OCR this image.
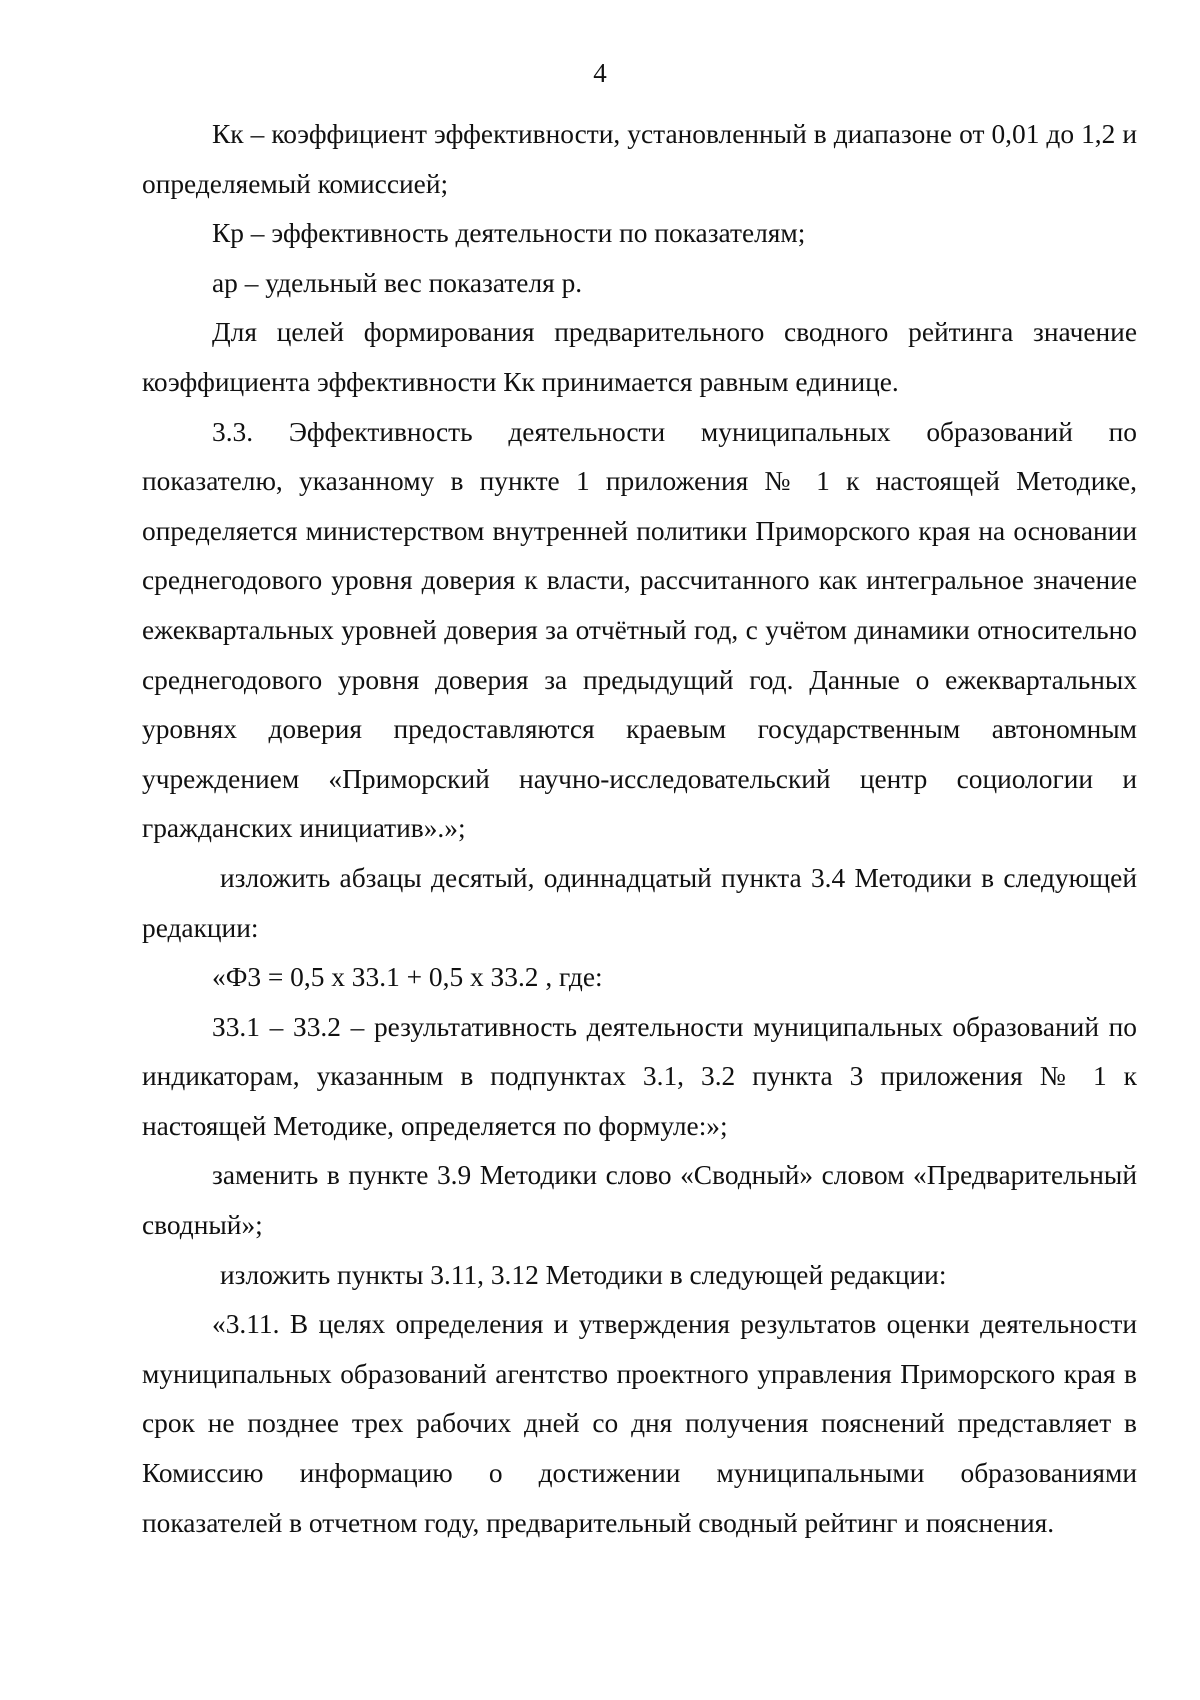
4

Кк – коэффициент эффективности, установленный в диапазоне от 0,01 до 1,2 и определяемый комиссией;

Кp – эффективность деятельности по показателям;

ap – удельный вес показателя p.

Для целей формирования предварительного сводного рейтинга значение коэффициента эффективности Кк принимается равным единице.

3.3. Эффективность деятельности муниципальных образований по показателю, указанному в пункте 1 приложения № 1 к настоящей Методике, определяется министерством внутренней политики Приморского края на основании среднегодового уровня доверия к власти, рассчитанного как интегральное значение ежеквартальных уровней доверия за отчётный год, с учётом динамики относительно среднегодового уровня доверия за предыдущий год. Данные о ежеквартальных уровнях доверия предоставляются краевым государственным автономным учреждением «Приморский научно-исследовательский центр социологии и гражданских инициатив».»;

изложить абзацы десятый, одиннадцатый пункта 3.4 Методики в следующей редакции:

«Ф3 = 0,5 х З3.1 + 0,5 х З3.2 , где:

З3.1 – З3.2 – результативность деятельности муниципальных образований по индикаторам, указанным в подпунктах 3.1, 3.2 пункта 3 приложения № 1 к настоящей Методике, определяется по формуле:»;

заменить в пункте 3.9 Методики слово «Сводный» словом «Предварительный сводный»;

изложить пункты 3.11, 3.12 Методики в следующей редакции:

«3.11. В целях определения и утверждения результатов оценки деятельности муниципальных образований агентство проектного управления Приморского края в срок не позднее трех рабочих дней со дня получения пояснений представляет в Комиссию информацию о достижении муниципальными образованиями показателей в отчетном году, предварительный сводный рейтинг и пояснения.
